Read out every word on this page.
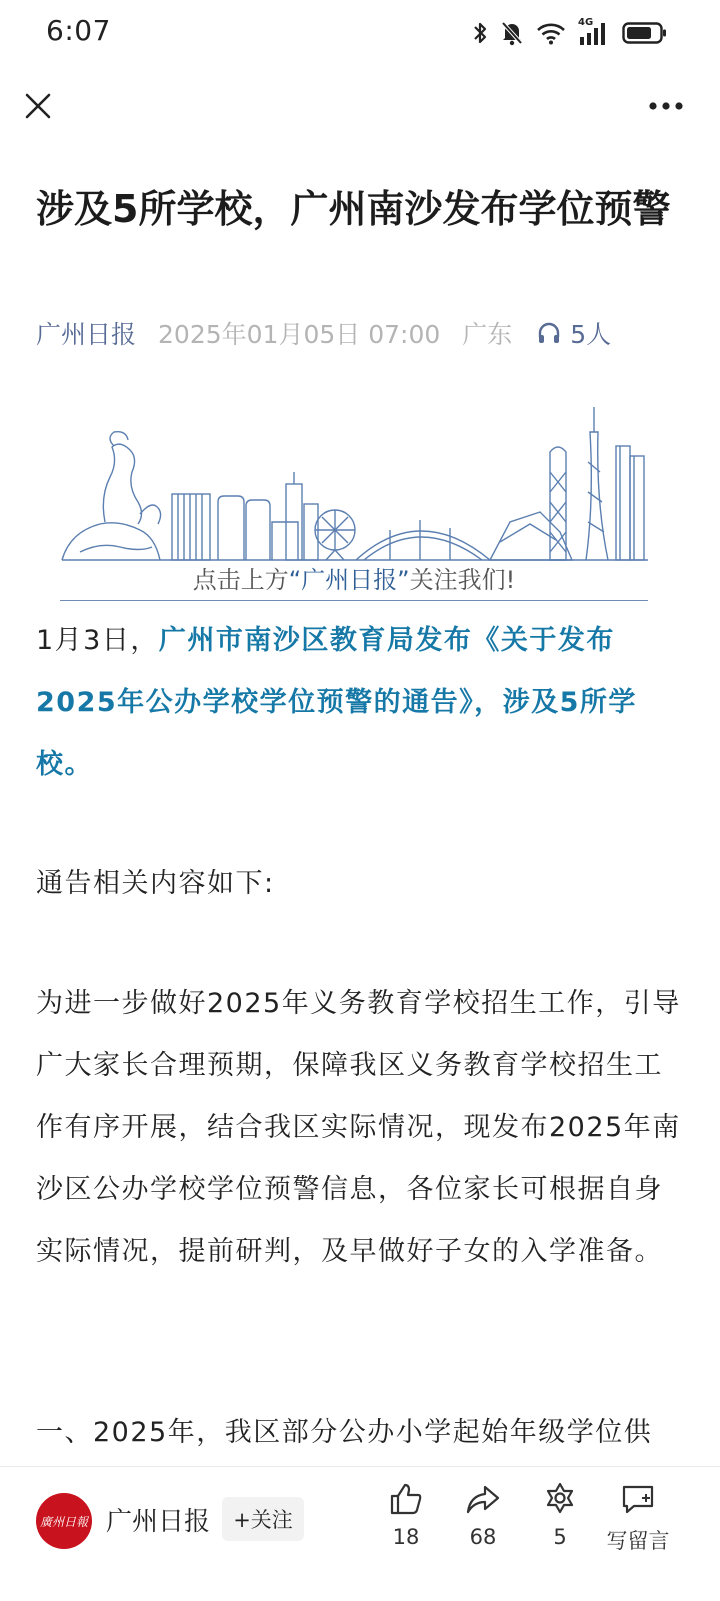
6:07	4G
涉及5所学校，广州南沙发布学位预警
广州日报 2025年01月05日 07:00 广东 5人
点击上方“广州日报”关注我们!

1月3日，广州市南沙区教育局发布《关于发布2025年公办学校学位预警的通告》，涉及5所学校。

通告相关内容如下:

为进一步做好2025年义务教育学校招生工作，引导广大家长合理预期，保障我区义务教育学校招生工作有序开展，结合我区实际情况，现发布2025年南沙区公办学校学位预警信息，各位家长可根据自身实际情况，提前研判，及早做好子女的入学准备。

一、2025年，我区部分公办小学起始年级学位供

廣州日報 广州日报	+关注
18 68	5 写留言
